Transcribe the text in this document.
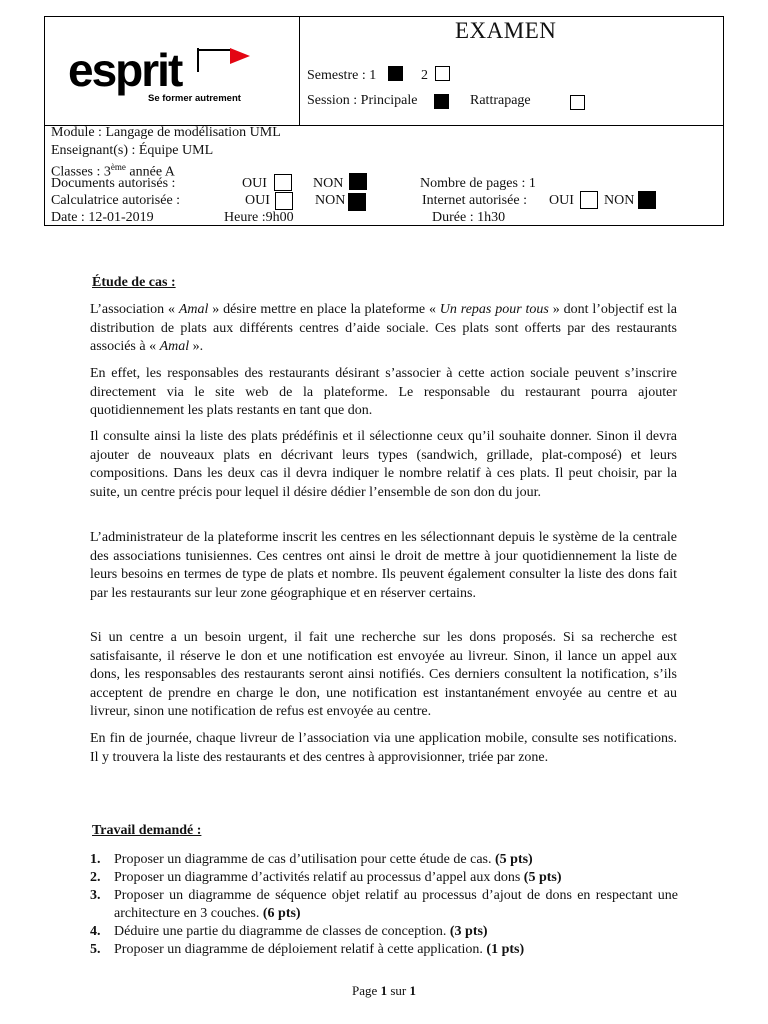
esprit
Se former autrement
EXAMEN
Semestre : 1	2
Session : Principale	Rattrapage
Module : Langage de modélisation UML
Enseignant(s) : Équipe UML
Classes : 3ème année A
Documents autorisés :	OUI	NON	Nombre de pages : 1
Calculatrice autorisée :	OUI	NON	Internet autorisée : OUI NON
Date : 12-01-2019	Heure :9h00	Durée : 1h30
Étude de cas :

L’association « Amal » désire mettre en place la plateforme « Un repas pour tous » dont l’objectif est la distribution de plats aux différents centres d’aide sociale. Ces plats sont offerts par des restaurants associés à « Amal ».

En effet, les responsables des restaurants désirant s’associer à cette action sociale peuvent s’inscrire directement via le site web de la plateforme. Le responsable du restaurant pourra ajouter quotidiennement les plats restants en tant que don.

Il consulte ainsi la liste des plats prédéfinis et il sélectionne ceux qu’il souhaite donner. Sinon il devra ajouter de nouveaux plats en décrivant leurs types (sandwich, grillade, plat-composé) et leurs compositions. Dans les deux cas il devra indiquer le nombre relatif à ces plats. Il peut choisir, par la suite, un centre précis pour lequel il désire dédier l’ensemble de son don du jour.

L’administrateur de la plateforme inscrit les centres en les sélectionnant depuis le système de la centrale des associations tunisiennes. Ces centres ont ainsi le droit de mettre à jour quotidiennement la liste de leurs besoins en termes de type de plats et nombre. Ils peuvent également consulter la liste des dons fait par les restaurants sur leur zone géographique et en réserver certains.

Si un centre a un besoin urgent, il fait une recherche sur les dons proposés. Si sa recherche est satisfaisante, il réserve le don et une notification est envoyée au livreur. Sinon, il lance un appel aux dons, les responsables des restaurants seront ainsi notifiés. Ces derniers consultent la notification, s’ils acceptent de prendre en charge le don, une notification est instantanément envoyée au centre et au livreur, sinon une notification de refus est envoyée au centre.

En fin de journée, chaque livreur de l’association via une application mobile, consulte ses notifications. Il y trouvera la liste des restaurants et des centres à approvisionner, triée par zone.

Travail demandé :
1. Proposer un diagramme de cas d’utilisation pour cette étude de cas. (5 pts)
2. Proposer un diagramme d’activités relatif au processus d’appel aux dons (5 pts)
3. Proposer un diagramme de séquence objet relatif au processus d’ajout de dons en respectant une architecture en 3 couches. (6 pts)
4. Déduire une partie du diagramme de classes de conception. (3 pts)
5. Proposer un diagramme de déploiement relatif à cette application. (1 pts)
Page 1 sur 1
